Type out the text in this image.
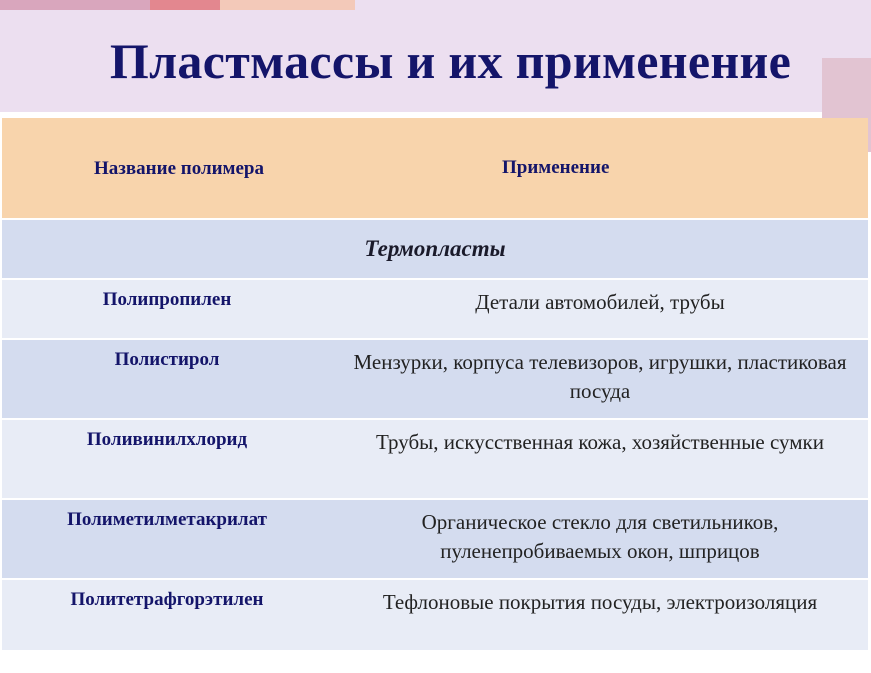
Пластмассы и их применение
Название полимера	Применение
Термопласты
Полипропилен	Детали автомобилей, трубы
Полистирол	Мензурки, корпуса телевизоров, игрушки, пластиковая посуда
Поливинилхлорид	Трубы, искусственная кожа, хозяйственные сумки
Полиметилметакрилат	Органическое стекло для светильников, пуленепробиваемых окон, шприцов
Политетрафгорэтилен	Тефлоновые покрытия посуды, электроизоляция
